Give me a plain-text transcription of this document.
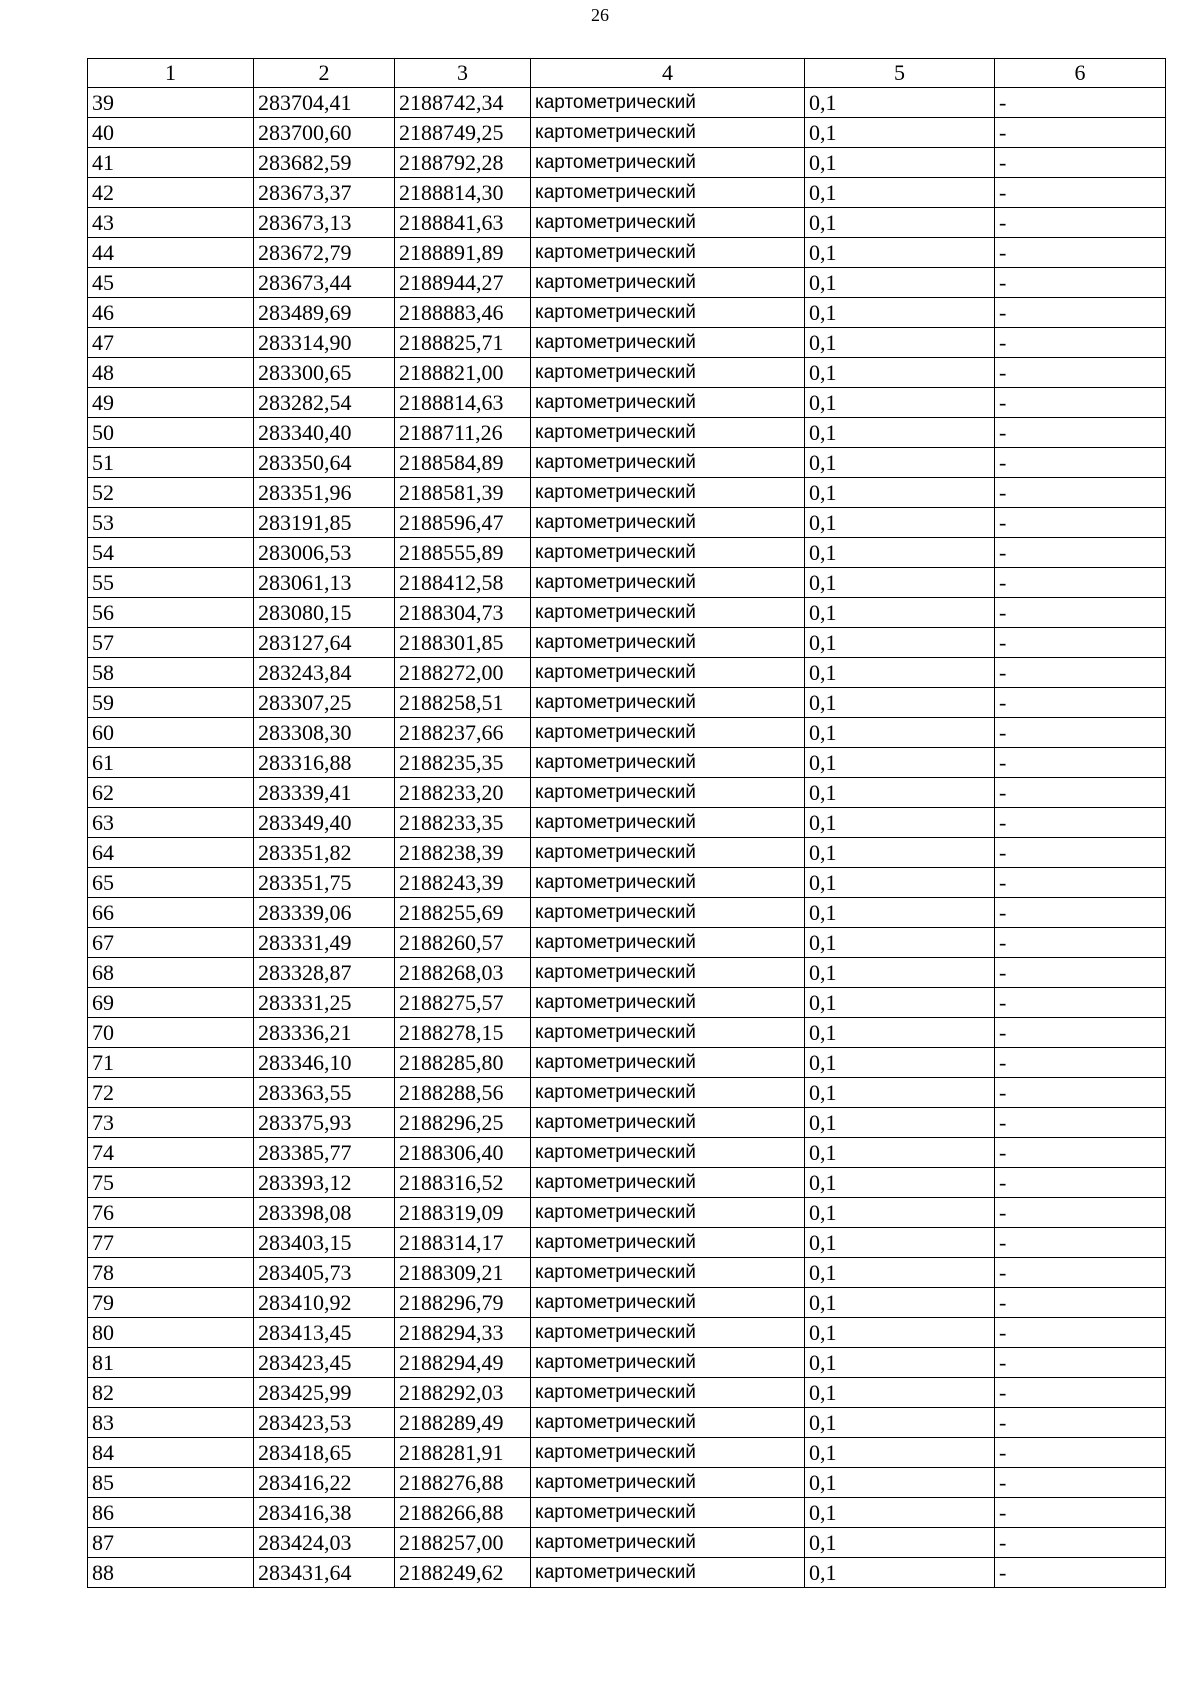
26
1	2	3	4	5	6
39	283704,41	2188742,34	картометрический	0,1	-
40	283700,60	2188749,25	картометрический	0,1	-
41	283682,59	2188792,28	картометрический	0,1	-
42	283673,37	2188814,30	картометрический	0,1	-
43	283673,13	2188841,63	картометрический	0,1	-
44	283672,79	2188891,89	картометрический	0,1	-
45	283673,44	2188944,27	картометрический	0,1	-
46	283489,69	2188883,46	картометрический	0,1	-
47	283314,90	2188825,71	картометрический	0,1	-
48	283300,65	2188821,00	картометрический	0,1	-
49	283282,54	2188814,63	картометрический	0,1	-
50	283340,40	2188711,26	картометрический	0,1	-
51	283350,64	2188584,89	картометрический	0,1	-
52	283351,96	2188581,39	картометрический	0,1	-
53	283191,85	2188596,47	картометрический	0,1	-
54	283006,53	2188555,89	картометрический	0,1	-
55	283061,13	2188412,58	картометрический	0,1	-
56	283080,15	2188304,73	картометрический	0,1	-
57	283127,64	2188301,85	картометрический	0,1	-
58	283243,84	2188272,00	картометрический	0,1	-
59	283307,25	2188258,51	картометрический	0,1	-
60	283308,30	2188237,66	картометрический	0,1	-
61	283316,88	2188235,35	картометрический	0,1	-
62	283339,41	2188233,20	картометрический	0,1	-
63	283349,40	2188233,35	картометрический	0,1	-
64	283351,82	2188238,39	картометрический	0,1	-
65	283351,75	2188243,39	картометрический	0,1	-
66	283339,06	2188255,69	картометрический	0,1	-
67	283331,49	2188260,57	картометрический	0,1	-
68	283328,87	2188268,03	картометрический	0,1	-
69	283331,25	2188275,57	картометрический	0,1	-
70	283336,21	2188278,15	картометрический	0,1	-
71	283346,10	2188285,80	картометрический	0,1	-
72	283363,55	2188288,56	картометрический	0,1	-
73	283375,93	2188296,25	картометрический	0,1	-
74	283385,77	2188306,40	картометрический	0,1	-
75	283393,12	2188316,52	картометрический	0,1	-
76	283398,08	2188319,09	картометрический	0,1	-
77	283403,15	2188314,17	картометрический	0,1	-
78	283405,73	2188309,21	картометрический	0,1	-
79	283410,92	2188296,79	картометрический	0,1	-
80	283413,45	2188294,33	картометрический	0,1	-
81	283423,45	2188294,49	картометрический	0,1	-
82	283425,99	2188292,03	картометрический	0,1	-
83	283423,53	2188289,49	картометрический	0,1	-
84	283418,65	2188281,91	картометрический	0,1	-
85	283416,22	2188276,88	картометрический	0,1	-
86	283416,38	2188266,88	картометрический	0,1	-
87	283424,03	2188257,00	картометрический	0,1	-
88	283431,64	2188249,62	картометрический	0,1	-
